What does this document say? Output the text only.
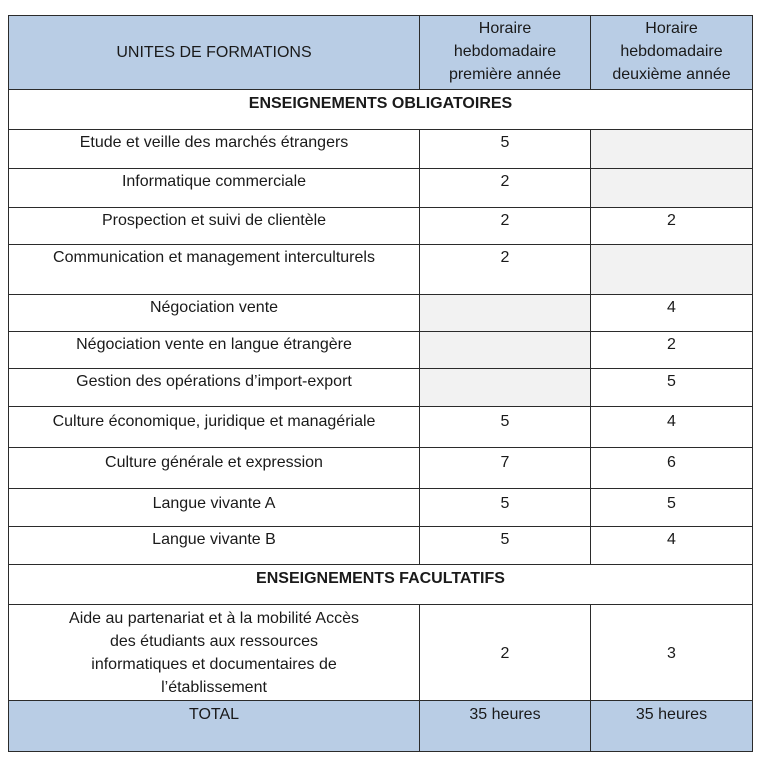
UNITES DE FORMATIONS	Horaire hebdomadaire première année	Horaire hebdomadaire deuxième année
ENSEIGNEMENTS OBLIGATOIRES		
Etude et veille des marchés étrangers	5	
Informatique commerciale	2	
Prospection et suivi de clientèle	2	2
Communication et management interculturels	2	
Négociation vente		4
Négociation vente en langue étrangère		2
Gestion des opérations d’import-export		5
Culture économique, juridique et managériale	5	4
Culture générale et expression	7	6
Langue vivante A	5	5
Langue vivante B	5	4
ENSEIGNEMENTS FACULTATIFS		
Aide au partenariat et à la mobilité Accès des étudiants aux ressources informatiques et documentaires de l’établissement	2	3
TOTAL	35 heures	35 heures
